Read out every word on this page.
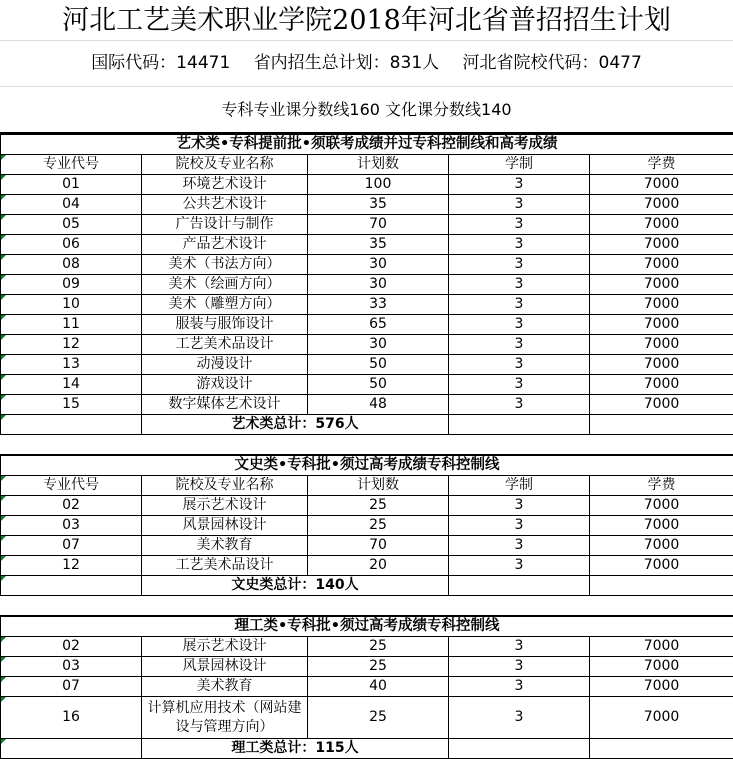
河北工艺美术职业学院2018年河北省普招招生计划
国际代码：14471 省内招生总计划：831人 河北省院校代码：0477
专科专业课分数线160 文化课分数线140
艺术类•专科提前批•须联考成绩并过专科控制线和高考成绩				
专业代号	院校及专业名称	计划数	学制	学费
01	环境艺术设计	100	3	7000
04	公共艺术设计	35	3	7000
05	广告设计与制作	70	3	7000
06	产品艺术设计	35	3	7000
08	美术（书法方向）	30	3	7000
09	美术（绘画方向）	30	3	7000
10	美术（雕塑方向）	33	3	7000
11	服装与服饰设计	65	3	7000
12	工艺美术品设计	30	3	7000
13	动漫设计	50	3	7000
14	游戏设计	50	3	7000
15	数字媒体艺术设计	48	3	7000
	艺术类总计：576人			

文史类•专科批•须过高考成绩专科控制线				
专业代号	院校及专业名称	计划数	学制	学费
02	展示艺术设计	25	3	7000
03	风景园林设计	25	3	7000
07	美术教育	70	3	7000
12	工艺美术品设计	20	3	7000
	文史类总计：140人			

理工类•专科批•须过高考成绩专科控制线				
02	展示艺术设计	25	3	7000
03	风景园林设计	25	3	7000
07	美术教育	40	3	7000
16	计算机应用技术（网站建设与管理方向）	25	3	7000
	理工类总计：115人			
